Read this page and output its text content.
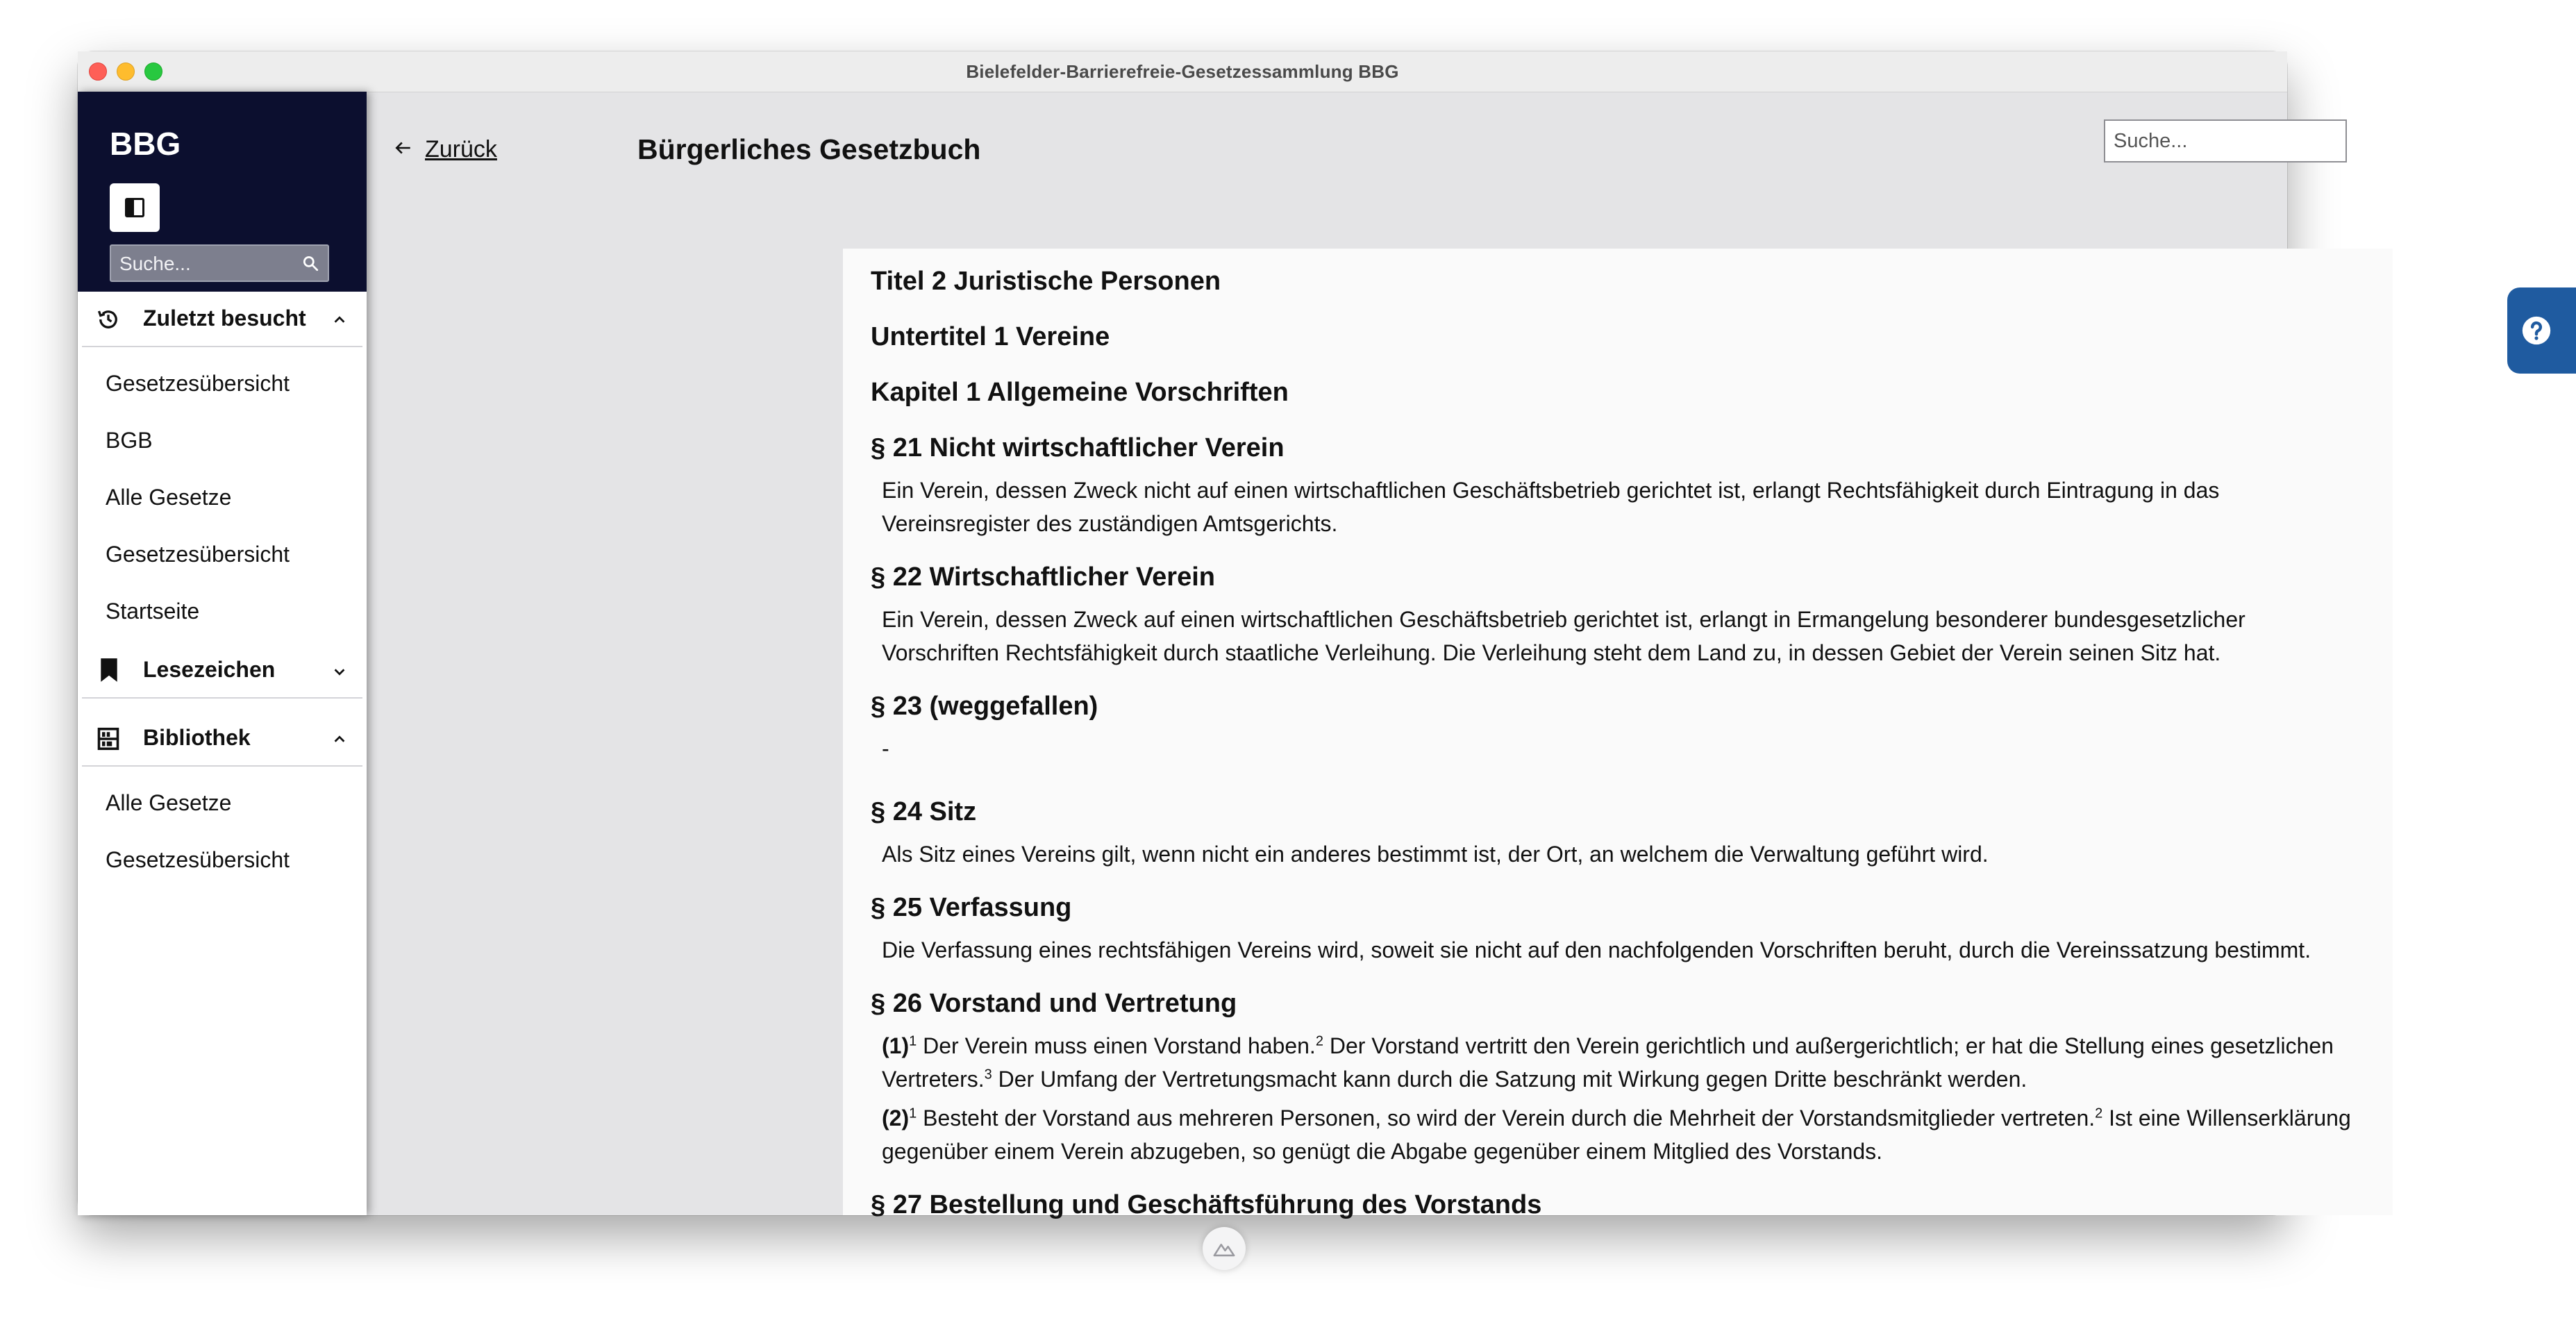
Bielefelder-Barrierefreie-Gesetzessammlung BBG
BBG
Suche...
Zuletzt besucht
Gesetzesübersicht
BGB
Alle Gesetze
Gesetzesübersicht
Startseite
Lesezeichen
Bibliothek
Alle Gesetze
Gesetzesübersicht
Zurück	Bürgerliches Gesetzbuch
Suche...
Titel 2 Juristische Personen
Untertitel 1 Vereine
Kapitel 1 Allgemeine Vorschriften
§ 21 Nicht wirtschaftlicher Verein
Ein Verein, dessen Zweck nicht auf einen wirtschaftlichen Geschäftsbetrieb gerichtet ist, erlangt Rechtsfähigkeit durch Eintragung in das Vereinsregister des zuständigen Amtsgerichts.
§ 22 Wirtschaftlicher Verein
Ein Verein, dessen Zweck auf einen wirtschaftlichen Geschäftsbetrieb gerichtet ist, erlangt in Ermangelung besonderer bundesgesetzlicher Vorschriften Rechtsfähigkeit durch staatliche Verleihung. Die Verleihung steht dem Land zu, in dessen Gebiet der Verein seinen Sitz hat.
§ 23 (weggefallen)
-
§ 24 Sitz
Als Sitz eines Vereins gilt, wenn nicht ein anderes bestimmt ist, der Ort, an welchem die Verwaltung geführt wird.
§ 25 Verfassung
Die Verfassung eines rechtsfähigen Vereins wird, soweit sie nicht auf den nachfolgenden Vorschriften beruht, durch die Vereinssatzung bestimmt.
§ 26 Vorstand und Vertretung
$(1)^1$ Der Verein muss einen Vorstand haben.$^2$ Der Vorstand vertritt den Verein gerichtlich und außergerichtlich; er hat die Stellung eines gesetzlichen Vertreters.$^3$ Der Umfang der Vertretungsmacht kann durch die Satzung mit Wirkung gegen Dritte beschränkt werden.
$(2)^1$ Besteht der Vorstand aus mehreren Personen, so wird der Verein durch die Mehrheit der Vorstandsmitglieder vertreten.$^2$ Ist eine Willenserklärung gegenüber einem Verein abzugeben, so genügt die Abgabe gegenüber einem Mitglied des Vorstands.
§ 27 Bestellung und Geschäftsführung des Vorstands
